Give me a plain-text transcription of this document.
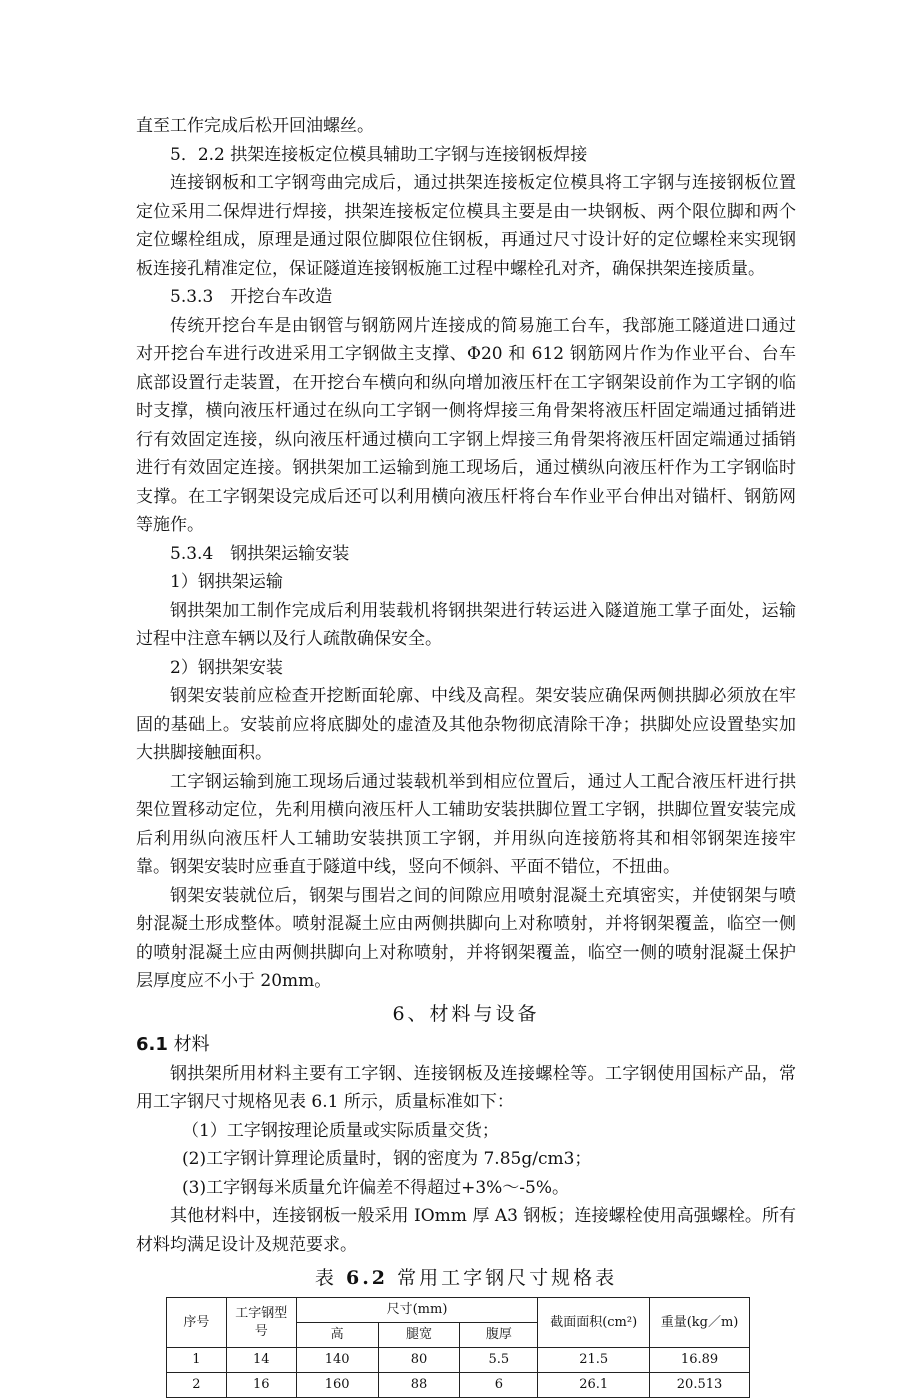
直至工作完成后松开回油螺丝。

5．2.2 拱架连接板定位模具辅助工字钢与连接钢板焊接

连接钢板和工字钢弯曲完成后，通过拱架连接板定位模具将工字钢与连接钢板位置定位采用二保焊进行焊接，拱架连接板定位模具主要是由一块钢板、两个限位脚和两个定位螺栓组成，原理是通过限位脚限位住钢板，再通过尺寸设计好的定位螺栓来实现钢板连接孔精准定位，保证隧道连接钢板施工过程中螺栓孔对齐，确保拱架连接质量。

5.3.3　开挖台车改造

传统开挖台车是由钢管与钢筋网片连接成的简易施工台车，我部施工隧道进口通过对开挖台车进行改进采用工字钢做主支撑、Φ20 和 612 钢筋网片作为作业平台、台车底部设置行走装置，在开挖台车横向和纵向增加液压杆在工字钢架设前作为工字钢的临时支撑，横向液压杆通过在纵向工字钢一侧将焊接三角骨架将液压杆固定端通过插销进行有效固定连接，纵向液压杆通过横向工字钢上焊接三角骨架将液压杆固定端通过插销进行有效固定连接。钢拱架加工运输到施工现场后，通过横纵向液压杆作为工字钢临时支撑。在工字钢架设完成后还可以利用横向液压杆将台车作业平台伸出对锚杆、钢筋网等施作。

5.3.4　钢拱架运输安装

1）钢拱架运输

钢拱架加工制作完成后利用装载机将钢拱架进行转运进入隧道施工掌子面处，运输过程中注意车辆以及行人疏散确保安全。

2）钢拱架安装

钢架安装前应检查开挖断面轮廓、中线及高程。架安装应确保两侧拱脚必须放在牢固的基础上。安装前应将底脚处的虚渣及其他杂物彻底清除干净；拱脚处应设置垫实加大拱脚接触面积。

工字钢运输到施工现场后通过装载机举到相应位置后，通过人工配合液压杆进行拱架位置移动定位，先利用横向液压杆人工辅助安装拱脚位置工字钢，拱脚位置安装完成后利用纵向液压杆人工辅助安装拱顶工字钢，并用纵向连接筋将其和相邻钢架连接牢靠。钢架安装时应垂直于隧道中线，竖向不倾斜、平面不错位，不扭曲。

钢架安装就位后，钢架与围岩之间的间隙应用喷射混凝土充填密实，并使钢架与喷射混凝土形成整体。喷射混凝土应由两侧拱脚向上对称喷射，并将钢架覆盖，临空一侧的喷射混凝土应由两侧拱脚向上对称喷射，并将钢架覆盖，临空一侧的喷射混凝土保护层厚度应不小于 20mm。

6、材料与设备
6.1 材料

钢拱架所用材料主要有工字钢、连接钢板及连接螺栓等。工字钢使用国标产品，常用工字钢尺寸规格见表 6.1 所示，质量标准如下：

（1）工字钢按理论质量或实际质量交货；

(2)工字钢计算理论质量时，钢的密度为 7.85g/cm3；

(3)工字钢每米质量允许偏差不得超过+3%～-5%。

其他材料中，连接钢板一般采用 IOmm 厚 A3 钢板；连接螺栓使用高强螺栓。所有材料均满足设计及规范要求。

表 6.2 常用工字钢尺寸规格表
序号	工字钢型号	尺寸(mm)			截面面积(cm²)	重量(kg／m)
		高	腿宽	腹厚		
1	14	140	80	5.5	21.5	16.89
2	16	160	88	6	26.1	20.513
